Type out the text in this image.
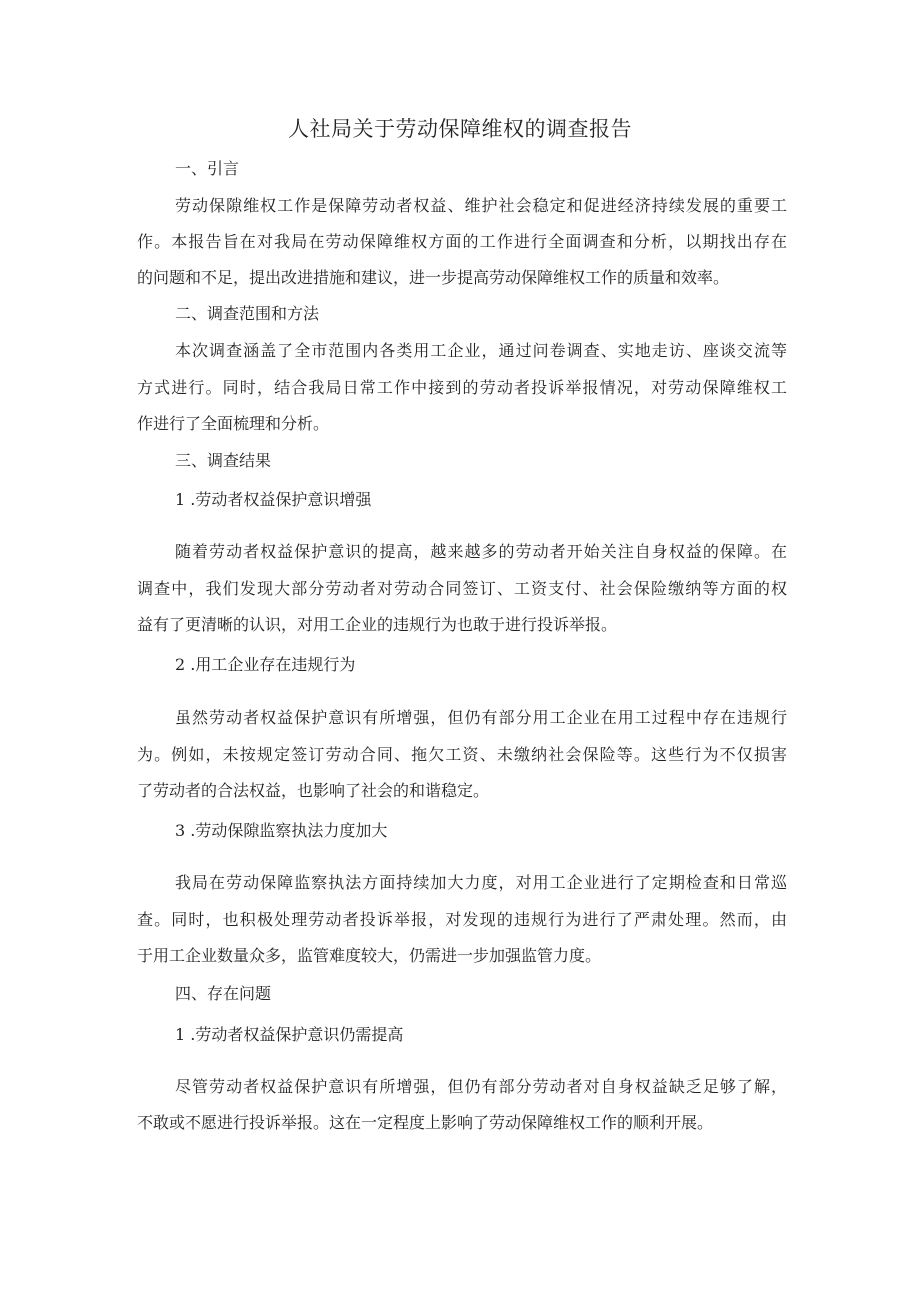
人社局关于劳动保障维权的调查报告
一、引言
劳动保隙维权工作是保障劳动者权益、维护社会稳定和促进经济持续发展的重要工
作。本报告旨在对我局在劳动保障维权方面的工作进行全面调查和分析，以期找出存在
的问题和不足，提出改进措施和建议，进一步提高劳动保障维权工作的质量和效率。
二、调查范围和方法
本次调查涵盖了全市范围内各类用工企业，通过问卷调查、实地走访、座谈交流等
方式进行。同时，结合我局日常工作中接到的劳动者投诉举报情况，对劳动保障维权工
作进行了全面梳理和分析。
三、调查结果
1 .劳动者权益保护意识增强
随着劳动者权益保护意识的提高，越来越多的劳动者开始关注自身权益的保障。在
调查中，我们发现大部分劳动者对劳动合同签订、工资支付、社会保险缴纳等方面的权
益有了更清晰的认识，对用工企业的违规行为也敢于进行投诉举报。
2 .用工企业存在违规行为
虽然劳动者权益保护意识有所增强，但仍有部分用工企业在用工过程中存在违规行
为。例如，未按规定签订劳动合同、拖欠工资、未缴纳社会保险等。这些行为不仅损害
了劳动者的合法权益，也影响了社会的和谐稳定。
3 .劳动保隙监察执法力度加大
我局在劳动保障监察执法方面持续加大力度，对用工企业进行了定期检查和日常巡
查。同时，也积极处理劳动者投诉举报，对发现的违规行为进行了严肃处理。然而，由
于用工企业数量众多，监管难度较大，仍需进一步加强监管力度。
四、存在问题
1 .劳动者权益保护意识仍需提高
尽管劳动者权益保护意识有所增强，但仍有部分劳动者对自身权益缺乏足够了解，
不敢或不愿进行投诉举报。这在一定程度上影响了劳动保障维权工作的顺利开展。
